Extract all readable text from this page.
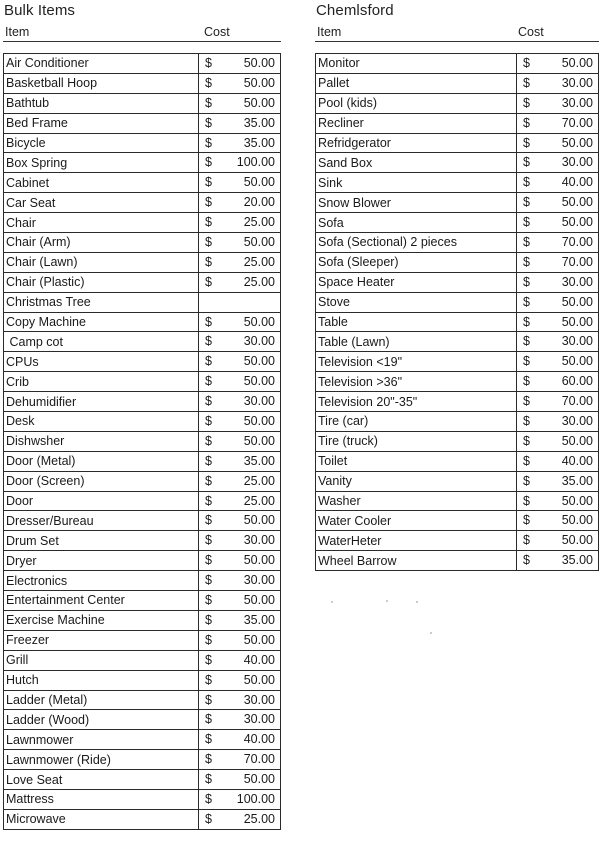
Bulk Items
Item	Cost
Air Conditioner	$ 50.00

Basketball Hoop	$ 50.00

Bathtub	$ 50.00

Bed Frame	$ 35.00

Bicycle	$ 35.00

Box Spring	$ 100.00

Cabinet	$ 50.00

Car Seat	$ 20.00

Chair	$ 25.00

Chair (Arm)	$ 50.00

Chair (Lawn)	$ 25.00

Chair (Plastic)	$ 25.00

Christmas Tree	

Copy Machine	$ 50.00

Camp cot	$ 30.00

CPUs	$ 50.00

Crib	$ 50.00

Dehumidifier	$ 30.00

Desk	$ 50.00

Dishwsher	$ 50.00

Door (Metal)	$ 35.00

Door (Screen)	$ 25.00

Door	$ 25.00

Dresser/Bureau	$ 50.00

Drum Set	$ 30.00

Dryer	$ 50.00

Electronics	$ 30.00

Entertainment Center	$ 50.00

Exercise Machine	$ 35.00

Freezer	$ 50.00

Grill	$ 40.00

Hutch	$ 50.00

Ladder (Metal)	$ 30.00

Ladder (Wood)	$ 30.00

Lawnmower	$ 40.00

Lawnmower (Ride)	$ 70.00

Love Seat	$ 50.00

Mattress	$ 100.00

Microwave	$ 25.00
Chemlsford
Item	Cost
Monitor	$ 50.00

Pallet	$ 30.00

Pool (kids)	$ 30.00

Recliner	$ 70.00

Refridgerator	$ 50.00

Sand Box	$ 30.00

Sink	$ 40.00

Snow Blower	$ 50.00

Sofa	$ 50.00

Sofa (Sectional) 2 pieces	$ 70.00

Sofa (Sleeper)	$ 70.00

Space Heater	$ 30.00

Stove	$ 50.00

Table	$ 50.00

Table (Lawn)	$ 30.00

Television <19"	$ 50.00

Television >36"	$ 60.00

Television 20"-35"	$ 70.00

Tire (car)	$ 30.00

Tire (truck)	$ 50.00

Toilet	$ 40.00

Vanity	$ 35.00

Washer	$ 50.00

Water Cooler	$ 50.00

WaterHeter	$ 50.00

Wheel Barrow	$ 35.00
